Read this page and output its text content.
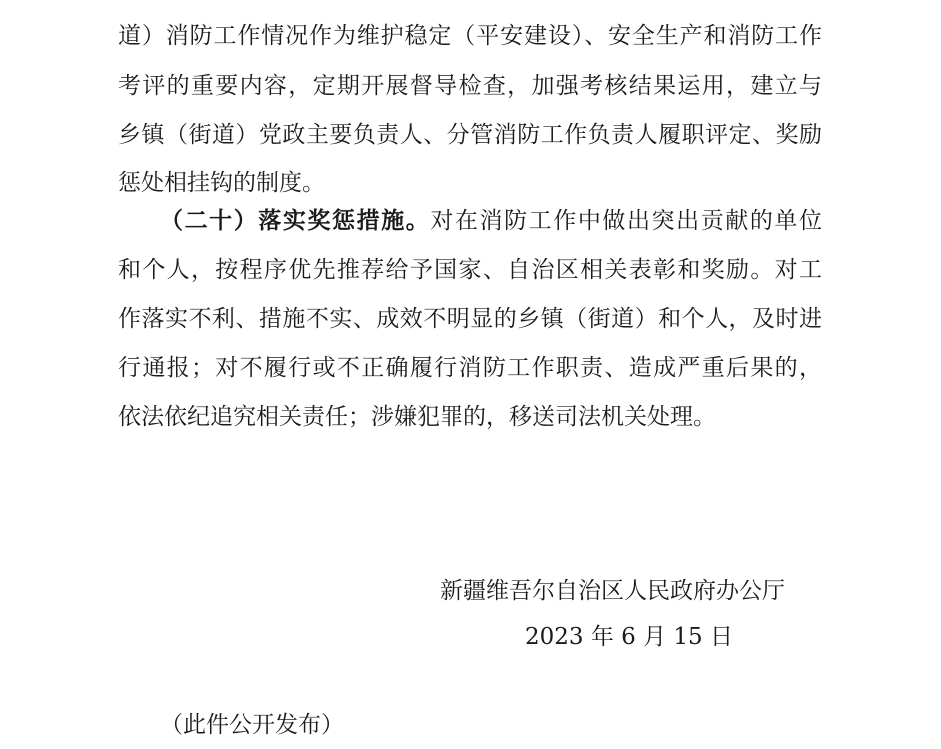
道）消防工作情况作为维护稳定（平安建设）、安全生产和消防工作
考评的重要内容，定期开展督导检查，加强考核结果运用，建立与
乡镇（街道）党政主要负责人、分管消防工作负责人履职评定、奖励
惩处相挂钩的制度。
（二十）落实奖惩措施。对在消防工作中做出突出贡献的单位
和个人，按程序优先推荐给予国家、自治区相关表彰和奖励。对工
作落实不利、措施不实、成效不明显的乡镇（街道）和个人，及时进
行通报；对不履行或不正确履行消防工作职责、造成严重后果的，
依法依纪追究相关责任；涉嫌犯罪的，移送司法机关处理。
新疆维吾尔自治区人民政府办公厅
2023 年 6 月 15 日
（此件公开发布）
